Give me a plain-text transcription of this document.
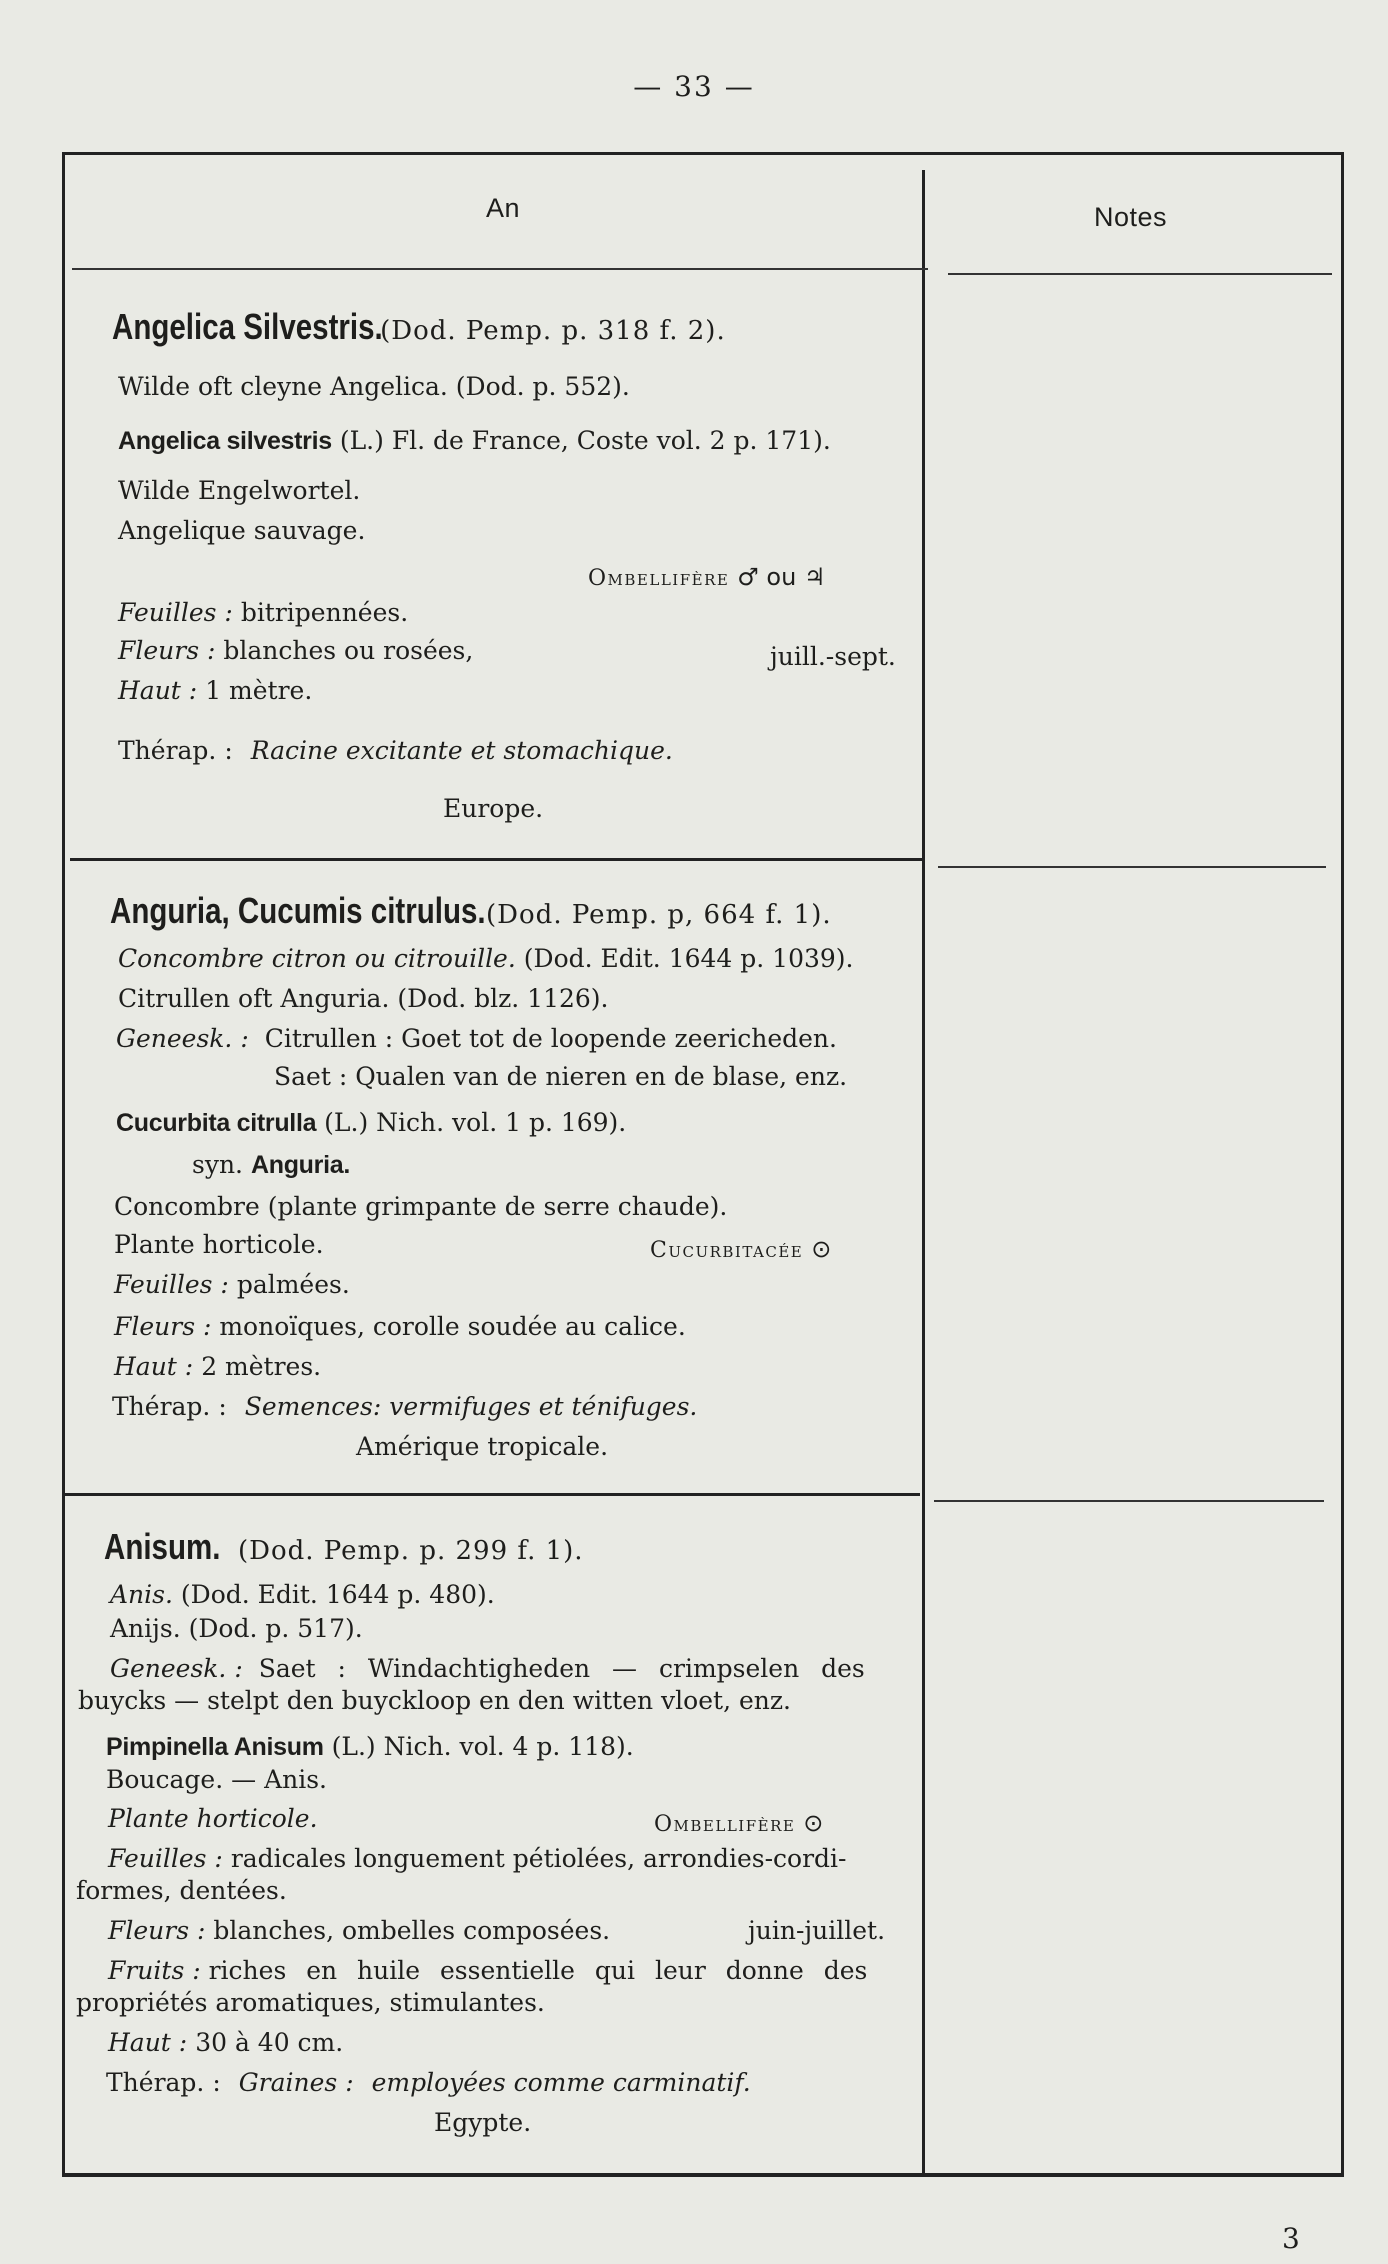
— 33 —
An	Notes
Angelica Silvestris. (Dod. Pemp. p. 318 f. 2).
Wilde oft cleyne Angelica. (Dod. p. 552).
Angelica silvestris (L.) Fl. de France, Coste vol. 2 p. 171).
Wilde Engelwortel.
Angelique sauvage.
Ombellifère ♂ ou ♃
Feuilles : bitripennées.
Fleurs : blanches ou rosées,	juill.-sept.
Haut : 1 mètre.
Thérap. : Racine excitante et stomachique.
Europe.
Anguria, Cucumis citrulus. (Dod. Pemp. p, 664 f. 1).
Concombre citron ou citrouille. (Dod. Edit. 1644 p. 1039).
Citrullen oft Anguria. (Dod. blz. 1126).
Geneesk. : Citrullen : Goet tot de loopende zeericheden.
Saet : Qualen van de nieren en de blase, enz.
Cucurbita citrulla (L.) Nich. vol. 1 p. 169).
syn. Anguria.
Concombre (plante grimpante de serre chaude).
Plante horticole.	Cucurbitacée ⊙
Feuilles : palmées.
Fleurs : monoïques, corolle soudée au calice.
Haut : 2 mètres.
Thérap. : Semences: vermifuges et ténifuges.
Amérique tropicale.
Anisum. (Dod. Pemp. p. 299 f. 1).
Anis. (Dod. Edit. 1644 p. 480).
Anijs. (Dod. p. 517).
Geneesk. : Saet : Windachtigheden — crimpselen des
buycks — stelpt den buyckloop en den witten vloet, enz.
Pimpinella Anisum (L.) Nich. vol. 4 p. 118).
Boucage. — Anis.
Plante horticole.	Ombellifère ⊙
Feuilles : radicales longuement pétiolées, arrondies-cordi-
formes, dentées.
Fleurs : blanches, ombelles composées.	juin-juillet.
Fruits : riches en huile essentielle qui leur donne des
propriétés aromatiques, stimulantes.
Haut : 30 à 40 cm.
Thérap. : Graines : employées comme carminatif.
Egypte.
3
